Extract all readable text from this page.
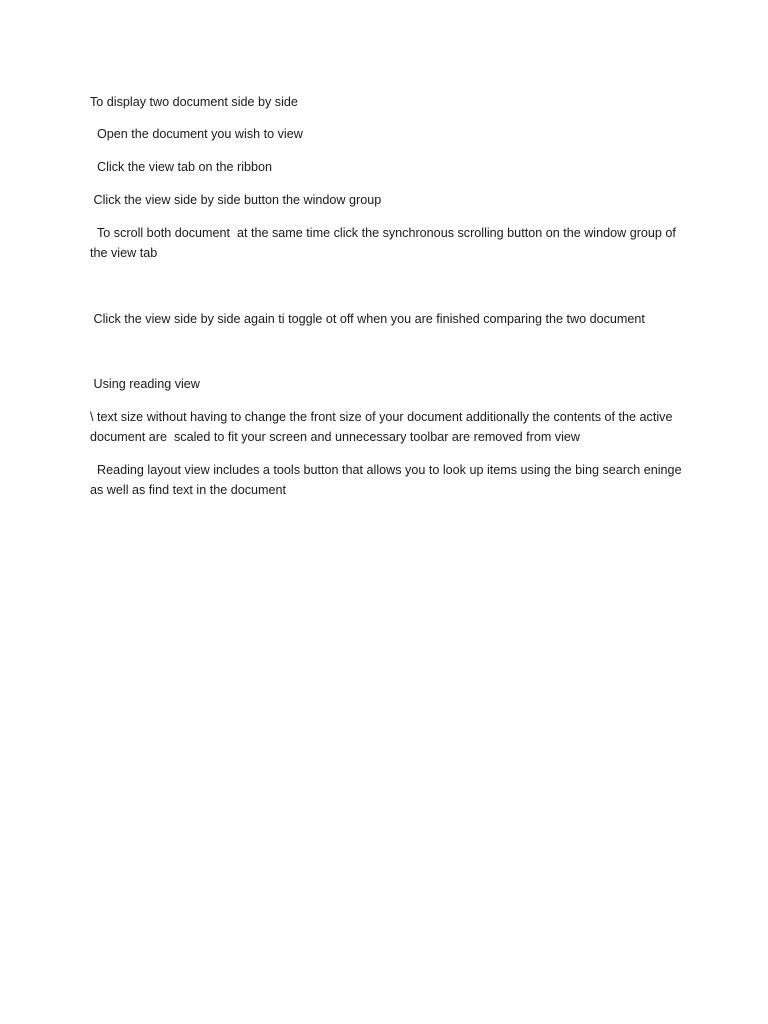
To display two document side by side

Open the document you wish to view

Click the view tab on the ribbon

Click the view side by side button the window group

To scroll both document  at the same time click the synchronous scrolling button on the window group of the view tab

Click the view side by side again ti toggle ot off when you are finished comparing the two document

Using reading view

\ text size without having to change the front size of your document additionally the contents of the active document are  scaled to fit your screen and unnecessary toolbar are removed from view

Reading layout view includes a tools button that allows you to look up items using the bing search eninge as well as find text in the document
